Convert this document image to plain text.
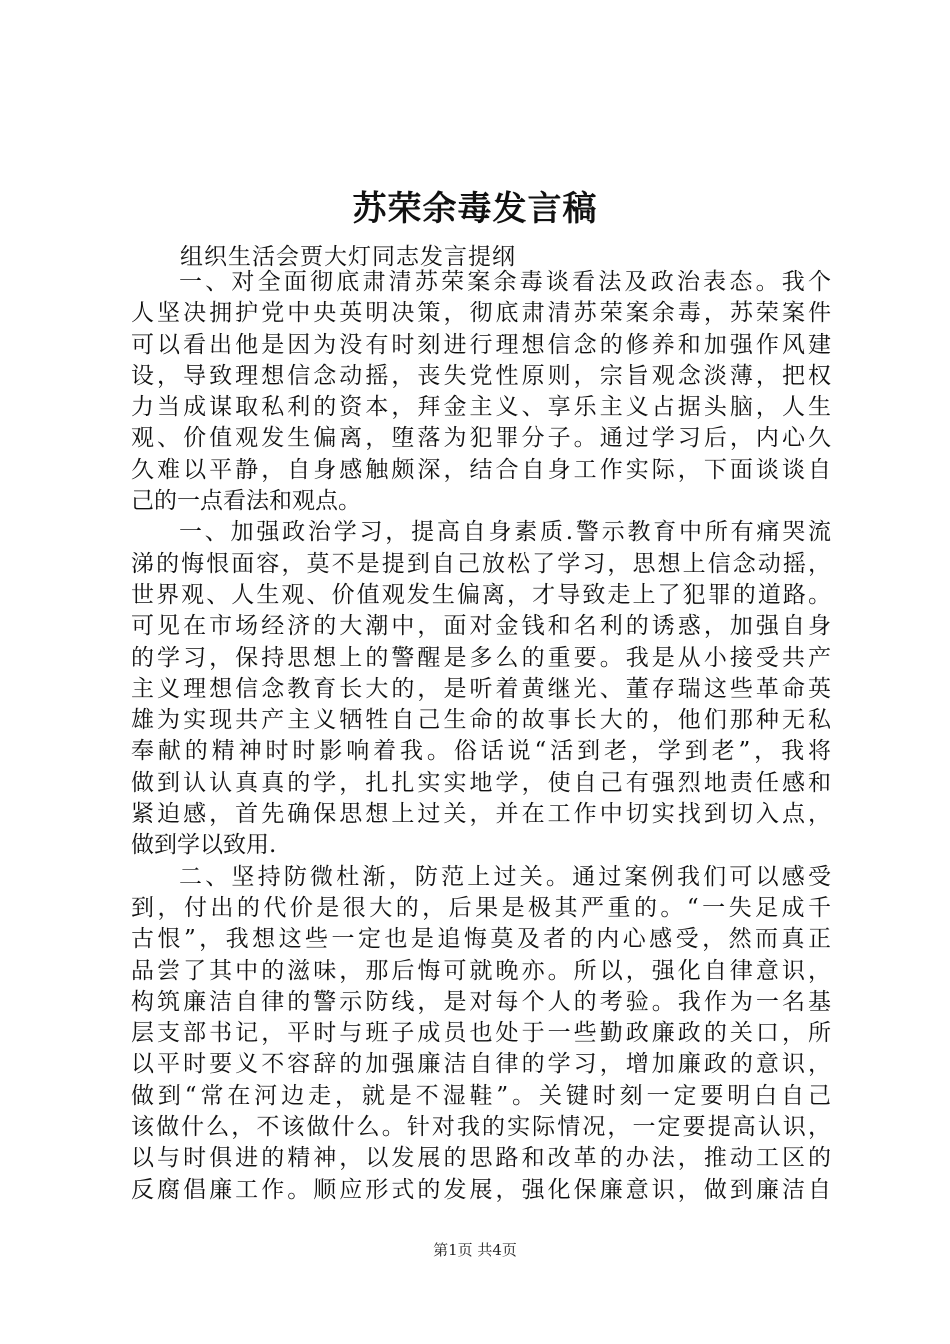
苏荣余毒发言稿
组织生活会贾大灯同志发言提纲
一、对全面彻底肃清苏荣案余毒谈看法及政治表态。我个
人坚决拥护党中央英明决策，彻底肃清苏荣案余毒，苏荣案件
可以看出他是因为没有时刻进行理想信念的修养和加强作风建
设，导致理想信念动摇，丧失党性原则，宗旨观念淡薄，把权
力当成谋取私利的资本，拜金主义、享乐主义占据头脑，人生
观、价值观发生偏离，堕落为犯罪分子。通过学习后，内心久
久难以平静，自身感触颇深，结合自身工作实际，下面谈谈自
己的一点看法和观点。
一、加强政治学习，提高自身素质.警示教育中所有痛哭流
涕的悔恨面容，莫不是提到自己放松了学习，思想上信念动摇，
世界观、人生观、价值观发生偏离，才导致走上了犯罪的道路。
可见在市场经济的大潮中，面对金钱和名利的诱惑，加强自身
的学习，保持思想上的警醒是多么的重要。我是从小接受共产
主义理想信念教育长大的，是听着黄继光、董存瑞这些革命英
雄为实现共产主义牺牲自己生命的故事长大的，他们那种无私
奉献的精神时时影响着我。俗话说“活到老，学到老”，我将
做到认认真真的学，扎扎实实地学，使自己有强烈地责任感和
紧迫感，首先确保思想上过关，并在工作中切实找到切入点，
做到学以致用.
二、坚持防微杜渐，防范上过关。通过案例我们可以感受
到，付出的代价是很大的，后果是极其严重的。“一失足成千
古恨”，我想这些一定也是追悔莫及者的内心感受，然而真正
品尝了其中的滋味，那后悔可就晚亦。所以，强化自律意识，
构筑廉洁自律的警示防线，是对每个人的考验。我作为一名基
层支部书记，平时与班子成员也处于一些勤政廉政的关口，所
以平时要义不容辞的加强廉洁自律的学习，增加廉政的意识，
做到“常在河边走，就是不湿鞋”。关键时刻一定要明白自己
该做什么，不该做什么。针对我的实际情况，一定要提高认识，
以与时俱进的精神，以发展的思路和改革的办法，推动工区的
反腐倡廉工作。顺应形式的发展，强化保廉意识，做到廉洁自
第1页 共4页
